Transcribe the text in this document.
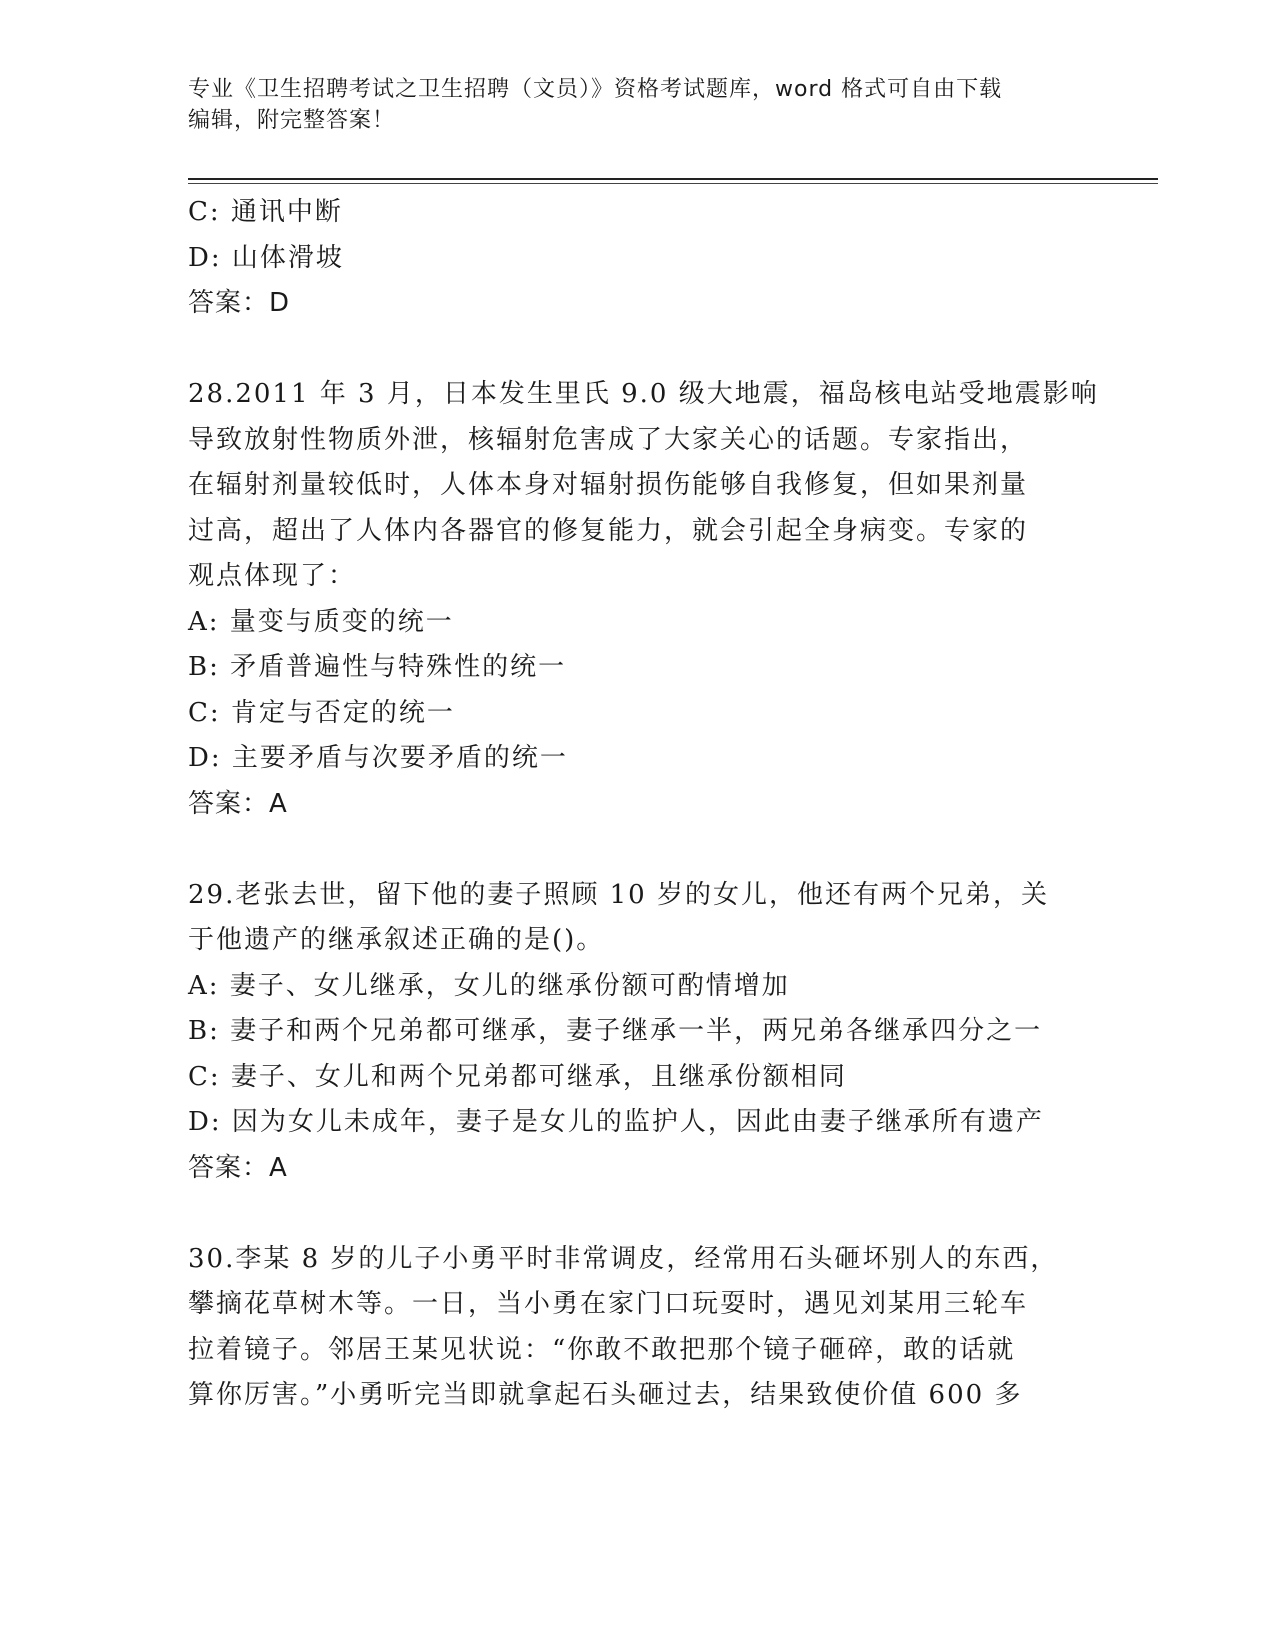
专业《卫生招聘考试之卫生招聘（文员）》资格考试题库，word 格式可自由下载
编辑，附完整答案！
C: 通讯中断
D: 山体滑坡
答案：D
28.2011 年 3 月，日本发生里氏 9.0 级大地震，福岛核电站受地震影响
导致放射性物质外泄，核辐射危害成了大家关心的话题。专家指出，
在辐射剂量较低时，人体本身对辐射损伤能够自我修复，但如果剂量
过高，超出了人体内各器官的修复能力，就会引起全身病变。专家的
观点体现了：
A: 量变与质变的统一
B: 矛盾普遍性与特殊性的统一
C: 肯定与否定的统一
D: 主要矛盾与次要矛盾的统一
答案：A
29.老张去世，留下他的妻子照顾 10 岁的女儿，他还有两个兄弟，关
于他遗产的继承叙述正确的是()。
A: 妻子、女儿继承，女儿的继承份额可酌情增加
B: 妻子和两个兄弟都可继承，妻子继承一半，两兄弟各继承四分之一
C: 妻子、女儿和两个兄弟都可继承，且继承份额相同
D: 因为女儿未成年，妻子是女儿的监护人，因此由妻子继承所有遗产
答案：A
30.李某 8 岁的儿子小勇平时非常调皮，经常用石头砸坏别人的东西，
攀摘花草树木等。一日，当小勇在家门口玩耍时，遇见刘某用三轮车
拉着镜子。邻居王某见状说：“你敢不敢把那个镜子砸碎，敢的话就
算你厉害。”小勇听完当即就拿起石头砸过去，结果致使价值 600 多
